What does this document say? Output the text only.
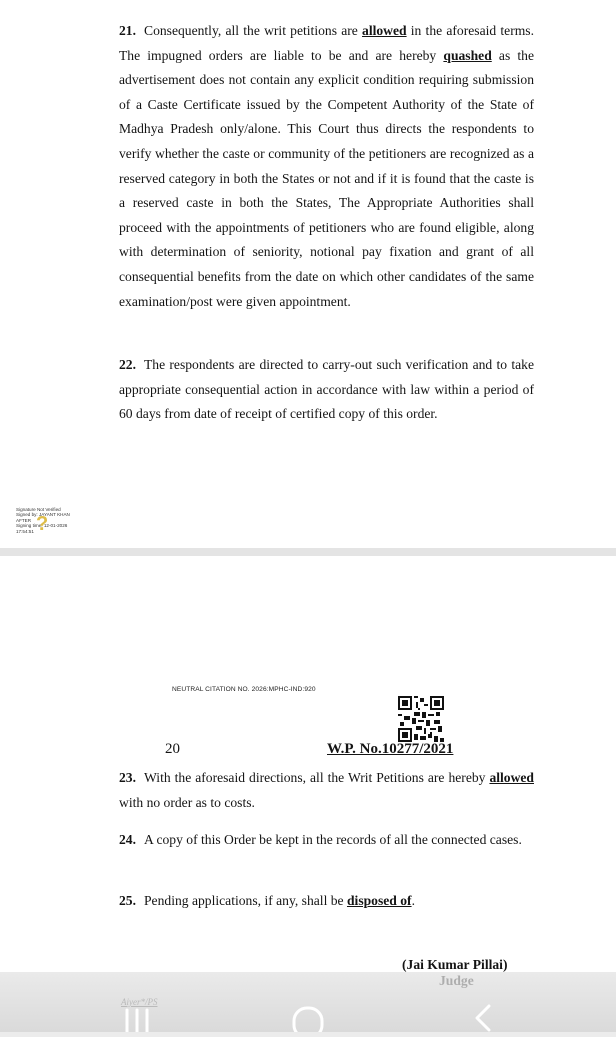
21. Consequently, all the writ petitions are allowed in the aforesaid terms. The impugned orders are liable to be and are hereby quashed as the advertisement does not contain any explicit condition requiring submission of a Caste Certificate issued by the Competent Authority of the State of Madhya Pradesh only/alone. This Court thus directs the respondents to verify whether the caste or community of the petitioners are recognized as a reserved category in both the States or not and if it is found that the caste is a reserved caste in both the States, The Appropriate Authorities shall proceed with the appointments of petitioners who are found eligible, along with determination of seniority, notional pay fixation and grant of all consequential benefits from the date on which other candidates of the same examination/post were given appointment.

22. The respondents are directed to carry-out such verification and to take appropriate consequential action in accordance with law within a period of 60 days from date of receipt of certified copy of this order.

Signature Not Verified
Signed by: JAYANT KHAN
AFTER
Signing time: 12-01-2026
17:54:51 ?
NEUTRAL CITATION NO. 2026:MPHC-IND:920
20	W.P. No.10277/2021

23. With the aforesaid directions, all the Writ Petitions are hereby allowed with no order as to costs.

24. A copy of this Order be kept in the records of all the connected cases.

25. Pending applications, if any, shall be disposed of.

(Jai Kumar Pillai)
